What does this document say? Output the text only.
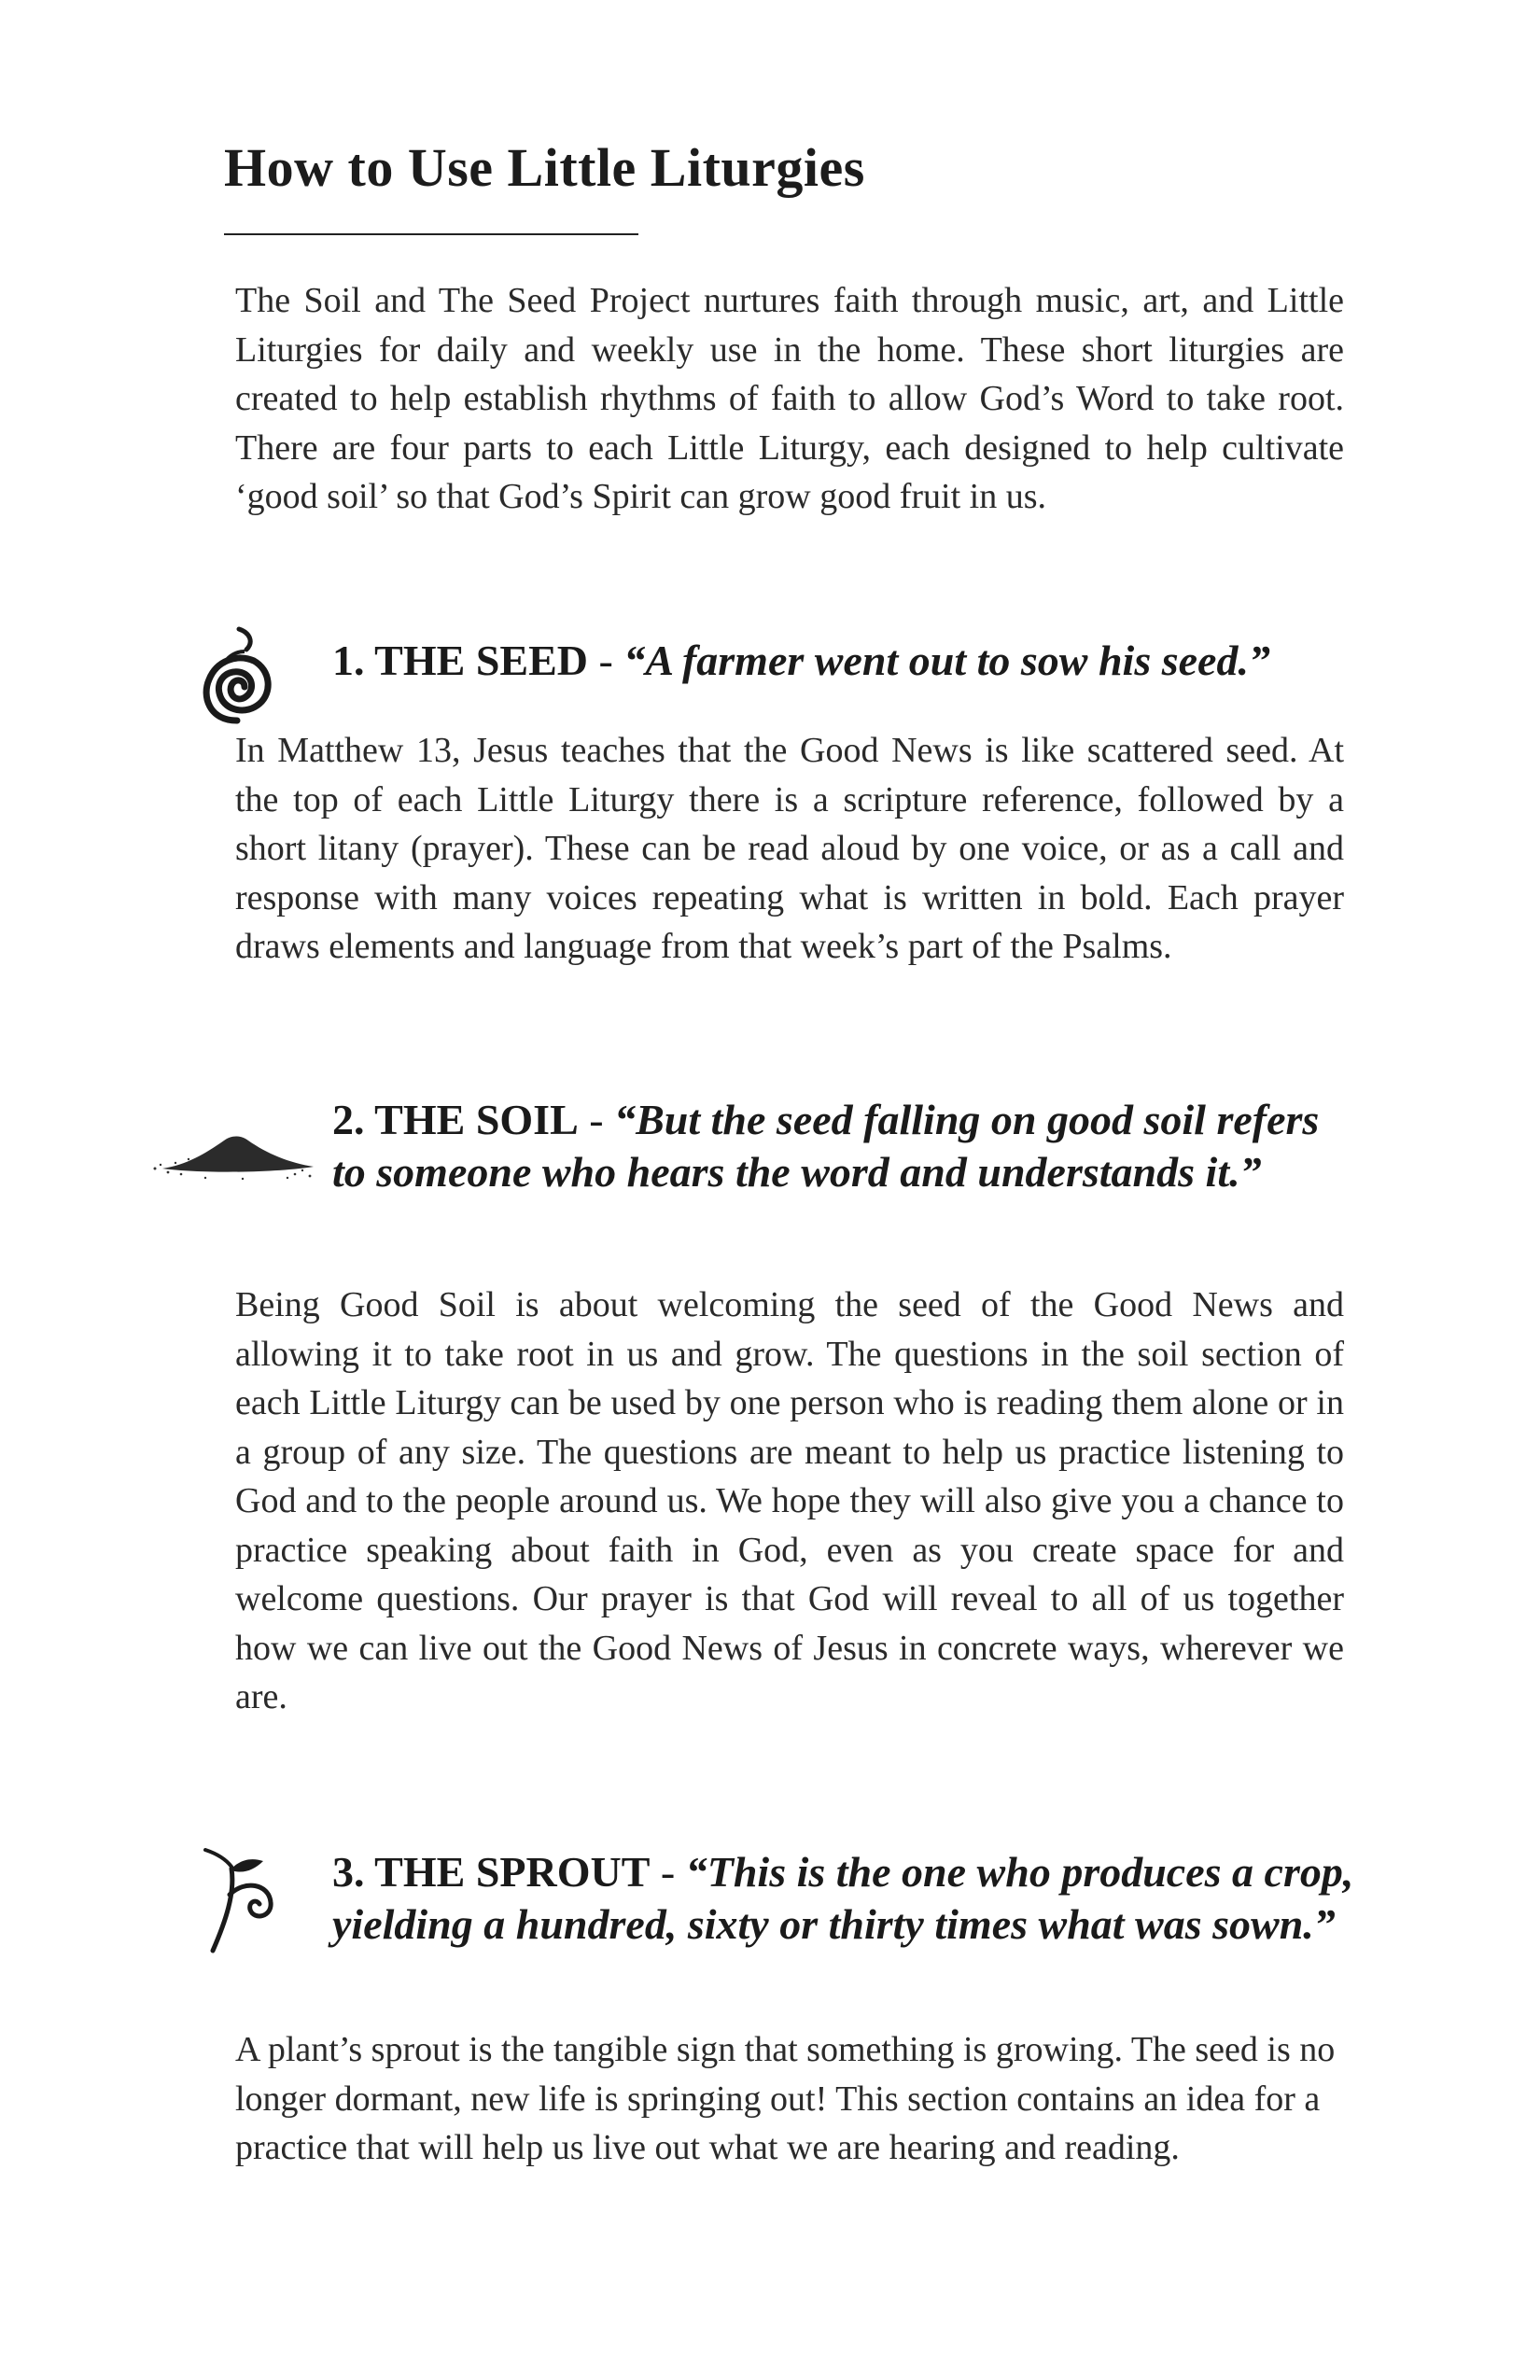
How to Use Little Liturgies

The Soil and The Seed Project nurtures faith through music, art, and Little Liturgies for daily and weekly use in the home. These short liturgies are created to help establish rhythms of faith to allow God’s Word to take root. There are four parts to each Little Liturgy, each designed to help cultivate ‘good soil’ so that God’s Spirit can grow good fruit in us.

1. THE SEED - “A farmer went out to sow his seed.”

In Matthew 13, Jesus teaches that the Good News is like scattered seed. At the top of each Little Liturgy there is a scripture reference, followed by a short litany (prayer). These can be read aloud by one voice, or as a call and response with many voices repeating what is written in bold. Each prayer draws elements and language from that week’s part of the Psalms.

2. THE SOIL - “But the seed falling on good soil refers to someone who hears the word and understands it.”

Being Good Soil is about welcoming the seed of the Good News and allowing it to take root in us and grow. The questions in the soil section of each Little Liturgy can be used by one person who is reading them alone or in a group of any size. The questions are meant to help us practice listening to God and to the people around us. We hope they will also give you a chance to practice speaking about faith in God, even as you create space for and welcome questions. Our prayer is that God will reveal to all of us together how we can live out the Good News of Jesus in concrete ways, wherever we are.

3. THE SPROUT - “This is the one who produces a crop, yielding a hundred, sixty or thirty times what was sown.”

A plant’s sprout is the tangible sign that something is growing. The seed is no longer dormant, new life is springing out! This section contains an idea for a practice that will help us live out what we are hearing and reading.
